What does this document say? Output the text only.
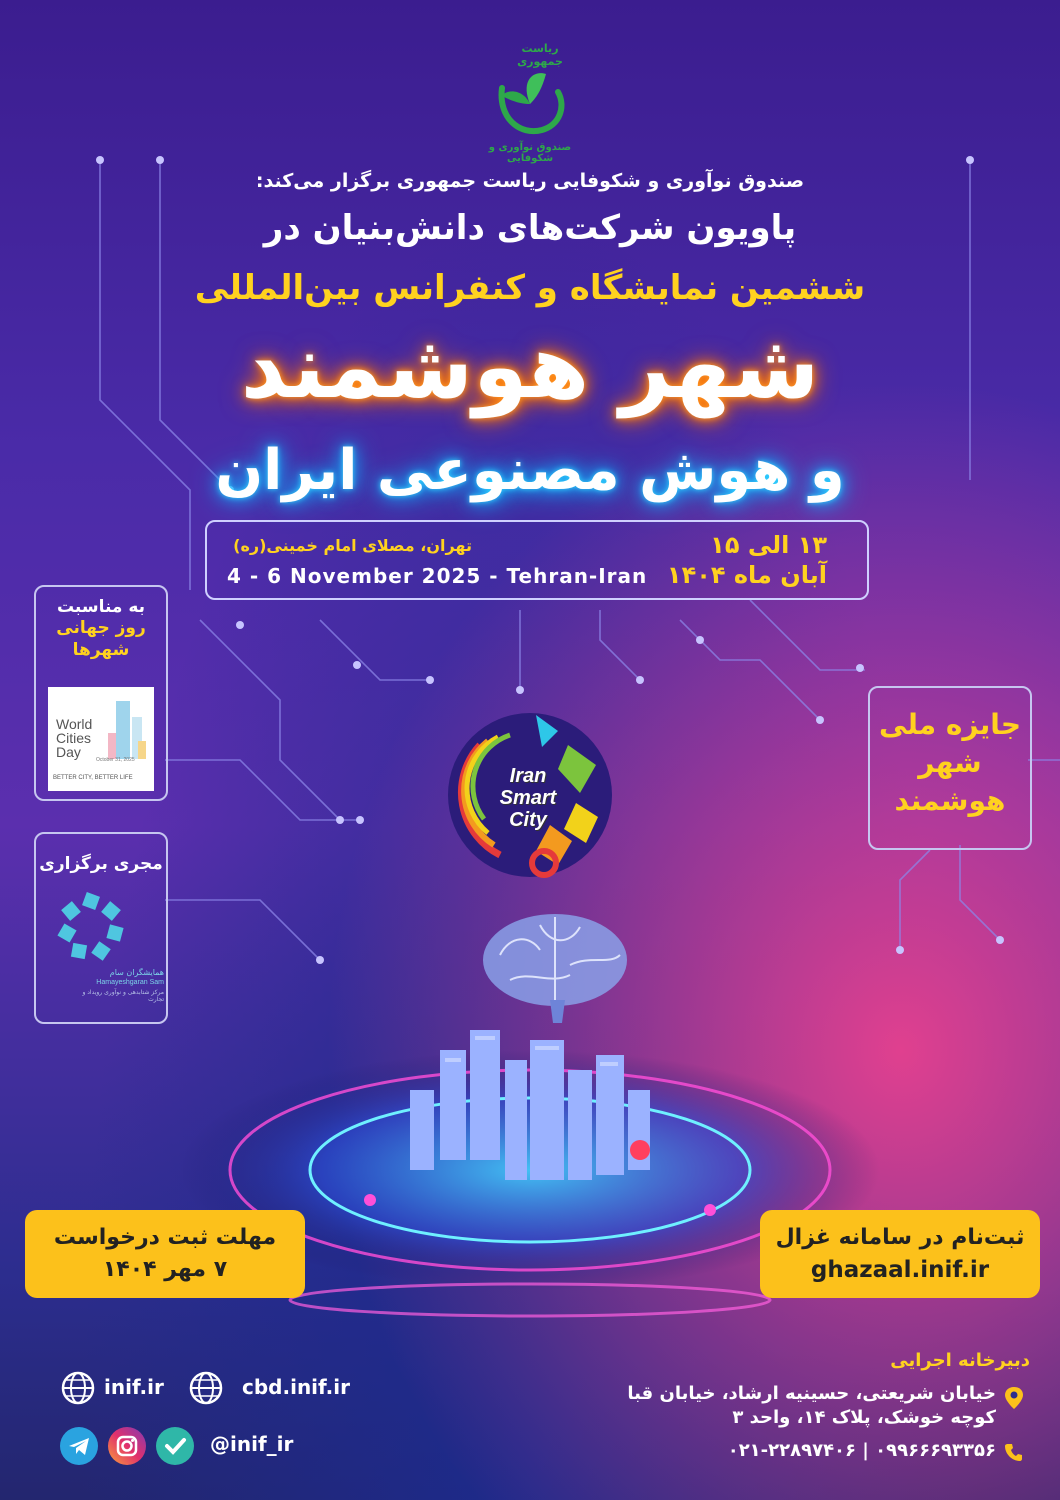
ریاست جمهوری
صندوق نوآوری و شکوفایی
صندوق نوآوری و شکوفایی ریاست جمهوری برگزار می‌کند:
پاویون شرکت‌های دانش‌بنیان در
ششمین نمایشگاه و کنفرانس بین‌المللی
شهر هوشمند
و هوش مصنوعی ایران
۱۳ الی ۱۵
آبان ماه ۱۴۰۴
تهران، مصلای امام خمینی(ره)
4 - 6 November 2025 - Tehran-Iran
به مناسبت
روز جهانی
شهرها
World
Cities
Day	October 31, 2025
BETTER CITY, BETTER LIFE
مجری برگزاری
همایشگران سام
Hamayeshgaran Sam
مرکز شتابدهی و نوآوری رویداد و تجارت
جایزه ملی
شهر
هوشمند
Iran
Smart
City
مهلت ثبت درخواست
۷ مهر ۱۴۰۴
ثبت‌نام در سامانه غزال
ghazaal.inif.ir
inif.ir	cbd.inif.ir
@inif_ir
دبیرخانه اجرایی
خیابان شریعتی، حسینیه ارشاد، خیابان قبا
کوچه خوشک، پلاک ۱۴، واحد ۳
۰۹۹۶۶۶۹۳۳۵۶ | ۰۲۱-۲۲۸۹۷۴۰۶
